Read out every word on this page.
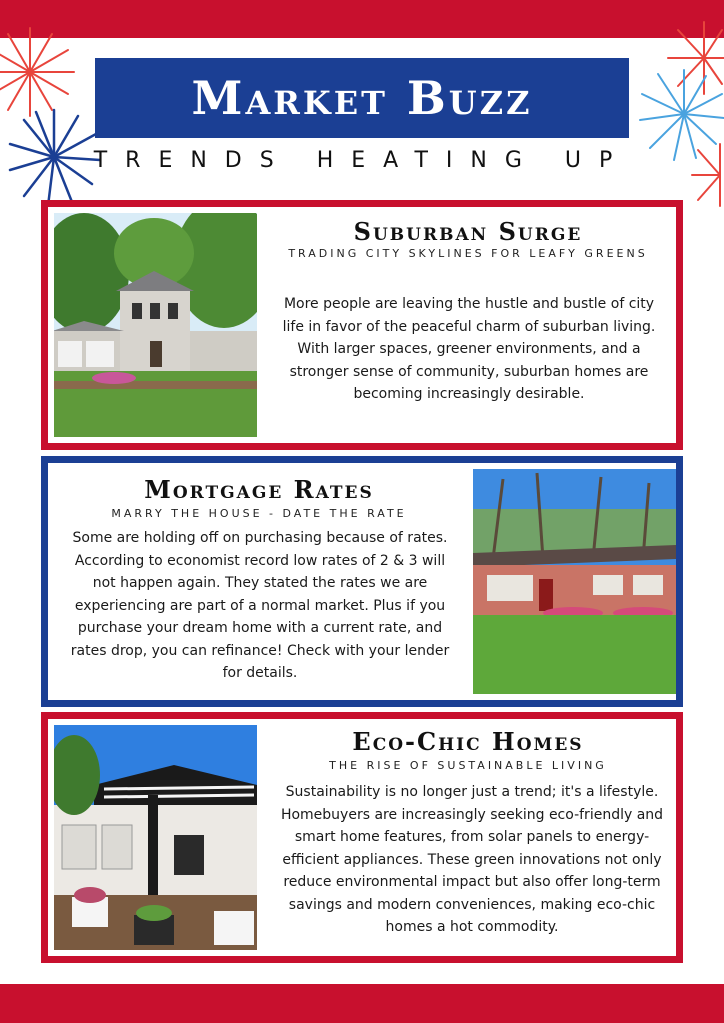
Market Buzz
TRENDS HEATING UP
Suburban Surge
TRADING CITY SKYLINES FOR LEAFY GREENS
More people are leaving the hustle and bustle of city life in favor of the peaceful charm of suburban living. With larger spaces, greener environments, and a stronger sense of community, suburban homes are becoming increasingly desirable.
Mortgage Rates
MARRY THE HOUSE - DATE THE RATE
Some are holding off on purchasing because of rates. According to economist record low rates of 2 & 3 will not happen again. They stated the rates we are experiencing are part of a normal market. Plus if you purchase your dream home with a current rate, and rates drop, you can refinance! Check with your lender for details.
Eco-Chic Homes
THE RISE OF SUSTAINABLE LIVING
Sustainability is no longer just a trend; it's a lifestyle. Homebuyers are increasingly seeking eco-friendly and smart home features, from solar panels to energy-efficient appliances. These green innovations not only reduce environmental impact but also offer long-term savings and modern conveniences, making eco-chic homes a hot commodity.
